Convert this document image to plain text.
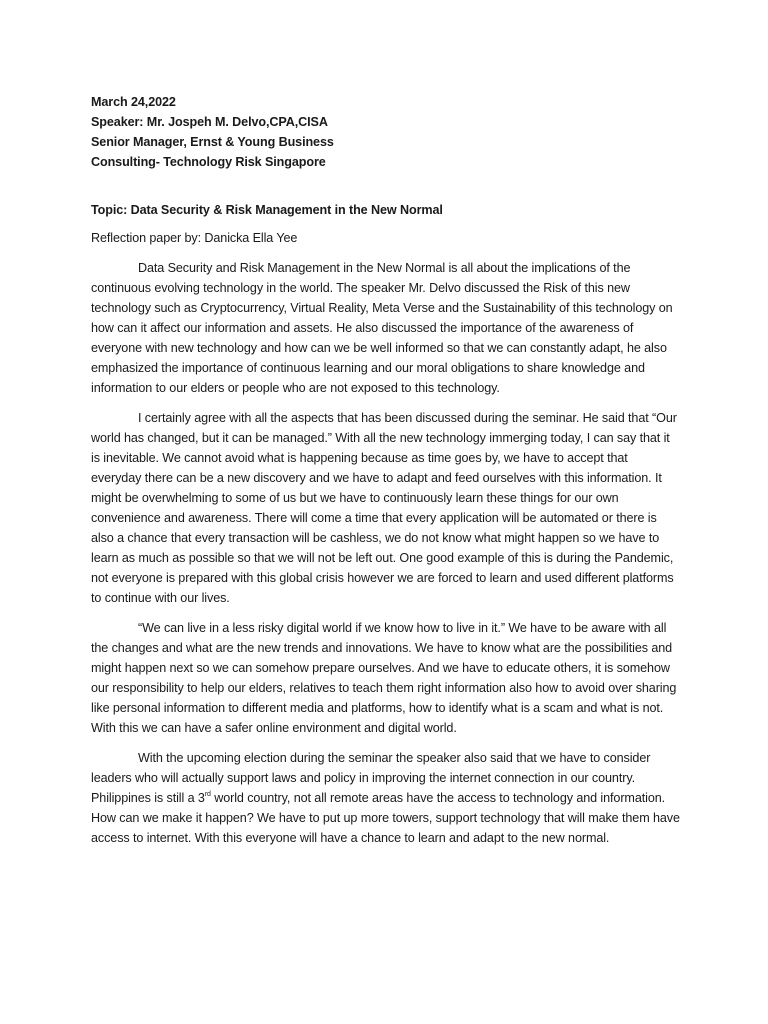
March 24,2022
Speaker: Mr. Jospeh M. Delvo,CPA,CISA
Senior Manager, Ernst & Young Business
Consulting- Technology Risk Singapore
Topic: Data Security & Risk Management in the New Normal
Reflection paper by: Danicka Ella Yee

Data Security and Risk Management in the New Normal is all about the implications of the continuous evolving technology in the world. The speaker Mr. Delvo discussed the Risk of this new technology such as Cryptocurrency, Virtual Reality, Meta Verse and the Sustainability of this technology on how can it affect our information and assets. He also discussed the importance of the awareness of everyone with new technology and how can we be well informed so that we can constantly adapt, he also emphasized the importance of continuous learning and our moral obligations to share knowledge and information to our elders or people who are not exposed to this technology.

I certainly agree with all the aspects that has been discussed during the seminar. He said that “Our world has changed, but it can be managed.” With all the new technology immerging today, I can say that it is inevitable. We cannot avoid what is happening because as time goes by, we have to accept that everyday there can be a new discovery and we have to adapt and feed ourselves with this information. It might be overwhelming to some of us but we have to continuously learn these things for our own convenience and awareness. There will come a time that every application will be automated or there is also a chance that every transaction will be cashless, we do not know what might happen so we have to learn as much as possible so that we will not be left out. One good example of this is during the Pandemic, not everyone is prepared with this global crisis however we are forced to learn and used different platforms to continue with our lives.

“We can live in a less risky digital world if we know how to live in it.” We have to be aware with all the changes and what are the new trends and innovations. We have to know what are the possibilities and might happen next so we can somehow prepare ourselves. And we have to educate others, it is somehow our responsibility to help our elders, relatives to teach them right information also how to avoid over sharing like personal information to different media and platforms, how to identify what is a scam and what is not. With this we can have a safer online environment and digital world.

With the upcoming election during the seminar the speaker also said that we have to consider leaders who will actually support laws and policy in improving the internet connection in our country. Philippines is still a 3rd world country, not all remote areas have the access to technology and information. How can we make it happen? We have to put up more towers, support technology that will make them have access to internet. With this everyone will have a chance to learn and adapt to the new normal.
